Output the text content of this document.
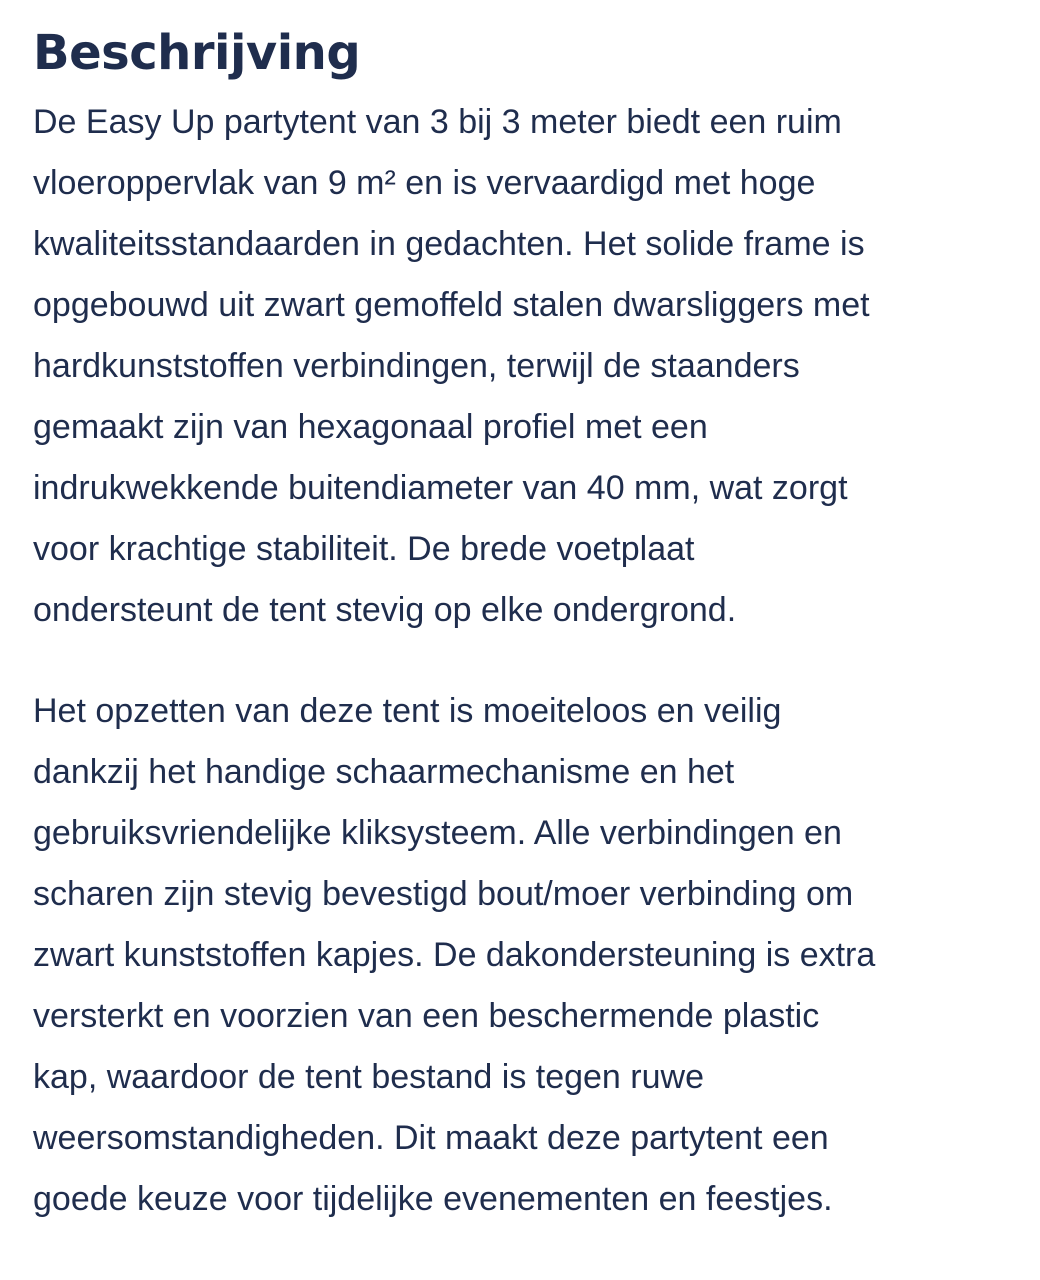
Beschrijving

De Easy Up partytent van 3 bij 3 meter biedt een ruim
vloeroppervlak van 9 m² en is vervaardigd met hoge
kwaliteitsstandaarden in gedachten. Het solide frame is
opgebouwd uit zwart gemoffeld stalen dwarsliggers met
hardkunststoffen verbindingen, terwijl de staanders
gemaakt zijn van hexagonaal profiel met een
indrukwekkende buitendiameter van 40 mm, wat zorgt
voor krachtige stabiliteit. De brede voetplaat
ondersteunt de tent stevig op elke ondergrond.

Het opzetten van deze tent is moeiteloos en veilig
dankzij het handige schaarmechanisme en het
gebruiksvriendelijke kliksysteem. Alle verbindingen en
scharen zijn stevig bevestigd bout/moer verbinding om
zwart kunststoffen kapjes. De dakondersteuning is extra
versterkt en voorzien van een beschermende plastic
kap, waardoor de tent bestand is tegen ruwe
weersomstandigheden. Dit maakt deze partytent een
goede keuze voor tijdelijke evenementen en feestjes.
